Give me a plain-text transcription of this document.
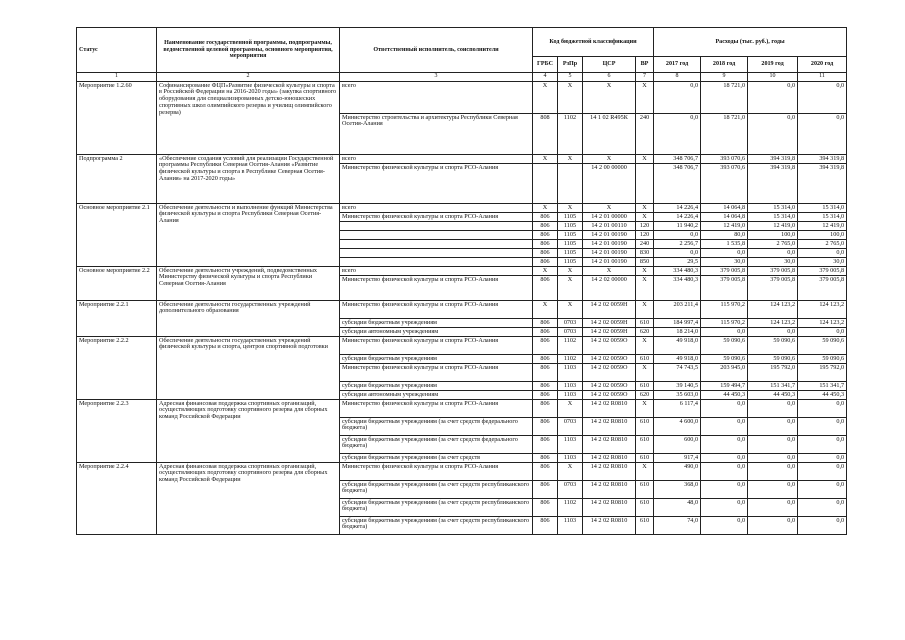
Статус	Наименование государственной программы, подпрограммы, ведомственной целевой программы, основного мероприятия, мероприятия	Ответственный исполнитель, соисполнители	Код бюджетной классификации				Расходы (тыс. руб.), годы			
			ГРБС	РзПр	ЦСР	ВР	2017 год	2018 год	2019 год	2020 год
1	2	3	4	5	6	7	8	9	10	11
Мероприятие 1.2.60	Софинансирование ФЦП«Развитие физической культуры и спорта в Российской Федерации на 2016-2020 годы» (закупка спортивного оборудования для специализированных детско-юношеских спортивных школ олимпийского резерва и училищ олимпийского резерва)	всего	X	X	X	X	0,0	18 721,0	0,0	0,0
		Министерство строительства и архитектуры Республики Северная Осетия-Алания	808	1102	14 1 02 R495К	240	0,0	18 721,0	0,0	0,0
Подпрограмма 2	«Обеспечение создания условий для реализации Государственной программы Республики Северная Осетия-Алания «Развитие физической культуры и спорта в Республике Северная Осетия-Алания» на 2017-2020 годы»	всего	X	X	X	X	348 706,7	393 070,6	394 319,8	394 319,8
		Министерство физической культуры и спорта РСО-Алания			14 2 00 00000		348 706,7	393 070,6	394 319,8	394 319,8
Основное мероприятие 2.1	Обеспечение деятельности и выполнение функций Министерства физической культуры и спорта Республики Северная Осетия-Алания	всего	X	X	X	X	14 226,4	14 064,8	15 314,0	15 314,0
		Министерство физической культуры и спорта РСО-Алания	806	1105	14 2 01 00000	X	14 226,4	14 064,8	15 314,0	15 314,0
			806	1105	14 2 01 00110	120	11 940,2	12 419,0	12 419,0	12 419,0
			806	1105	14 2 01 00190	120	0,0	80,0	100,0	100,0
			806	1105	14 2 01 00190	240	2 256,7	1 535,8	2 765,0	2 765,0
			806	1105	14 2 01 00190	830	0,0	0,0	0,0	0,0
			806	1105	14 2 01 00190	850	29,5	30,0	30,0	30,0
Основное мероприятие 2.2	Обеспечение деятельности учреждений, подведомственных Министерству физической культуры и спорта Республики Северная Осетия-Алания	всего	X	X	X	X	334 480,3	379 005,8	379 005,8	379 005,8
		Министерство физической культуры и спорта РСО-Алания	806	X	14 2 02 00000	X	334 480,3	379 005,8	379 005,8	379 005,8
Мероприятие 2.2.1	Обеспечение деятельности государственных учреждений дополнительного образования	Министерство физической культуры и спорта РСО-Алания	X	X	14 2 02 0059Н	X	203 211,4	115 970,2	124 123,2	124 123,2
		субсидии бюджетным учреждениям	806	0703	14 2 02 0059Н	610	184 997,4	115 970,2	124 123,2	124 123,2
		субсидии автономным учреждениям	806	0703	14 2 02 0059Н	620	18 214,0	0,0	0,0	0,0
Мероприятие 2.2.2	Обеспечение деятельности государственных учреждений физической культуры и спорта, центров спортивной подготовки	Министерство физической культуры и спорта РСО-Алания	806	1102	14 2 02 0059О	X	49 918,0	59 090,6	59 090,6	59 090,6
		субсидии бюджетным учреждениям	806	1102	14 2 02 0059О	610	49 918,0	59 090,6	59 090,6	59 090,6
		Министерство физической культуры и спорта РСО-Алания	806	1103	14 2 02 0059О	X	74 743,5	203 945,0	195 792,0	195 792,0
		субсидии бюджетным учреждениям	806	1103	14 2 02 0059О	610	39 140,5	159 494,7	151 341,7	151 341,7
		субсидии автономным учреждениям	806	1103	14 2 02 0059О	620	35 603,0	44 450,3	44 450,3	44 450,3
Мероприятие 2.2.3	Адресная финансовая поддержка спортивных организаций, осуществляющих подготовку спортивного резерва для сборных команд Российской Федерации	Министерство физической культуры и спорта РСО-Алания	806	X	14 2 02 R0810	X	6 117,4	0,0	0,0	0,0
		субсидии бюджетным учреждениям (за счет средств федерального бюджета)	806	0703	14 2 02 R0810	610	4 600,0	0,0	0,0	0,0
		субсидии бюджетным учреждениям (за счет средств федерального бюджета)	806	1103	14 2 02 R0810	610	600,0	0,0	0,0	0,0
		субсидии бюджетным учреждениям (за счет средств	806	1103	14 2 02 R0810	610	917,4	0,0	0,0	0,0
Мероприятие 2.2.4	Адресная финансовая поддержка спортивных организаций, осуществляющих подготовку спортивного резерва для сборных команд Российской Федерации	Министерство физической культуры и спорта РСО-Алания	806	X	14 2 02 R0810	X	490,0	0,0	0,0	0,0
		субсидии бюджетным учреждениям (за счет средств республиканского бюджета)	806	0703	14 2 02 R0810	610	368,0	0,0	0,0	0,0
		субсидии бюджетным учреждениям (за счет средств республиканского бюджета)	806	1102	14 2 02 R0810	610	48,0	0,0	0,0	0,0
		субсидии бюджетным учреждениям (за счет средств республиканского бюджета)	806	1103	14 2 02 R0810	610	74,0	0,0	0,0	0,0
